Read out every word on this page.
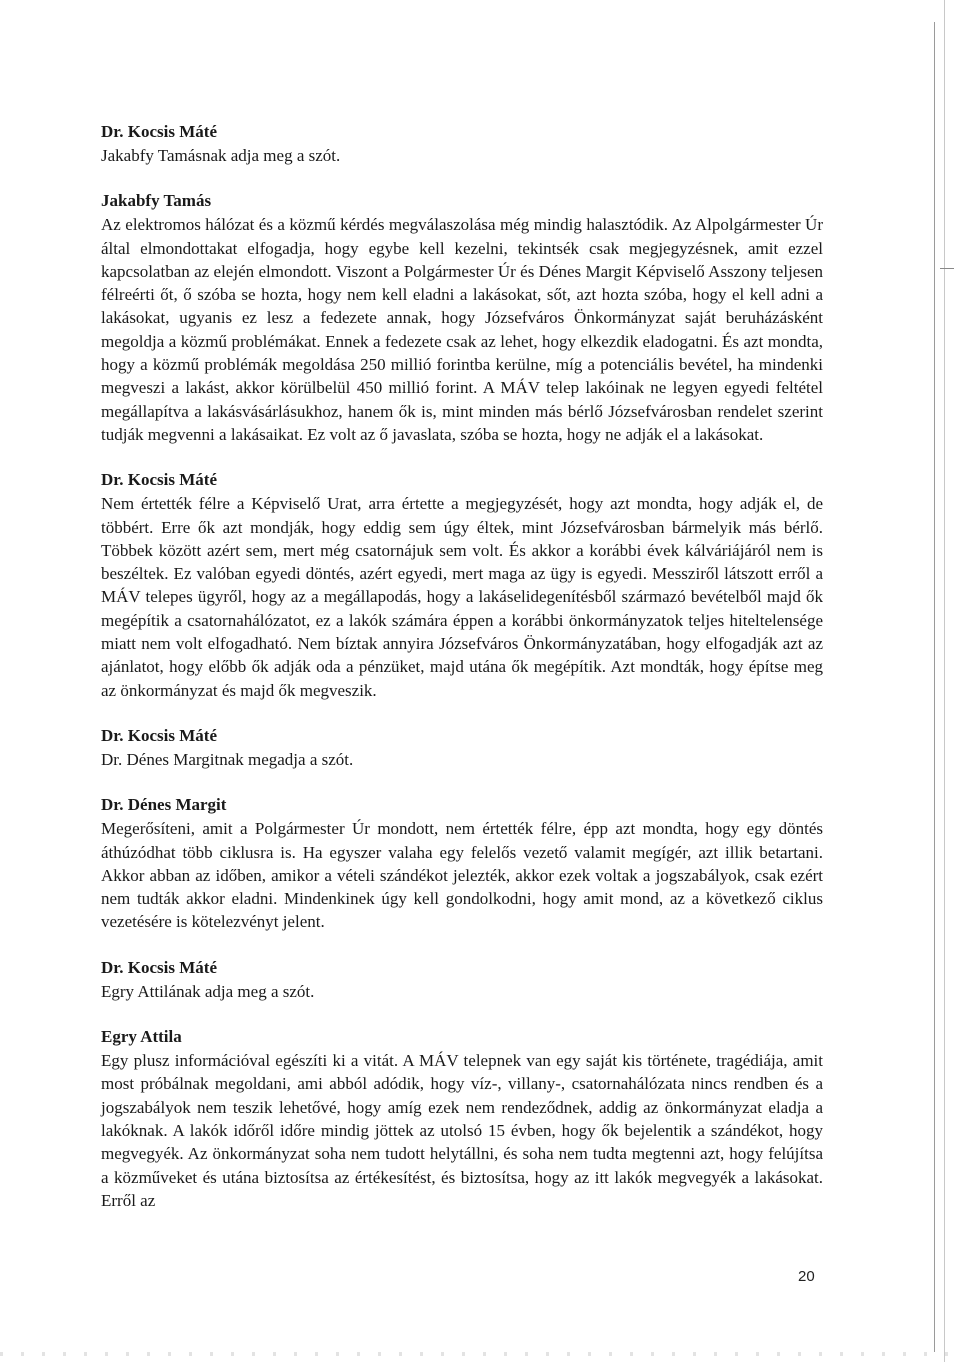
Dr. Kocsis Máté
Jakabfy Tamásnak adja meg a szót.
Jakabfy Tamás
Az elektromos hálózat és a közmű kérdés megválaszolása még mindig halasztódik. Az Alpolgármester Úr által elmondottakat elfogadja, hogy egybe kell kezelni, tekintsék csak megjegyzésnek, amit ezzel kapcsolatban az elején elmondott. Viszont a Polgármester Úr és Dénes Margit Képviselő Asszony teljesen félreérti őt, ő szóba se hozta, hogy nem kell eladni a lakásokat, sőt, azt hozta szóba, hogy el kell adni a lakásokat, ugyanis ez lesz a fedezete annak, hogy Józsefváros Önkormányzat saját beruházásként megoldja a közmű problémákat. Ennek a fedezete csak az lehet, hogy elkezdik eladogatni. És azt mondta, hogy a közmű problémák megoldása 250 millió forintba kerülne, míg a potenciális bevétel, ha mindenki megveszi a lakást, akkor körülbelül 450 millió forint. A MÁV telep lakóinak ne legyen egyedi feltétel megállapítva a lakásvásárlásukhoz, hanem ők is, mint minden más bérlő Józsefvárosban rendelet szerint tudják megvenni a lakásaikat. Ez volt az ő javaslata, szóba se hozta, hogy ne adják el a lakásokat.
Dr. Kocsis Máté
Nem értették félre a Képviselő Urat, arra értette a megjegyzését, hogy azt mondta, hogy adják el, de többért. Erre ők azt mondják, hogy eddig sem úgy éltek, mint Józsefvárosban bármelyik más bérlő. Többek között azért sem, mert még csatornájuk sem volt. És akkor a korábbi évek kálváriájáról nem is beszéltek. Ez valóban egyedi döntés, azért egyedi, mert maga az ügy is egyedi. Messziről látszott erről a MÁV telepes ügyről, hogy az a megállapodás, hogy a lakáselidegenítésből származó bevételből majd ők megépítik a csatornahálózatot, ez a lakók számára éppen a korábbi önkormányzatok teljes hiteltelensége miatt nem volt elfogadható. Nem bíztak annyira Józsefváros Önkormányzatában, hogy elfogadják azt az ajánlatot, hogy előbb ők adják oda a pénzüket, majd utána ők megépítik. Azt mondták, hogy építse meg az önkormányzat és majd ők megveszik.
Dr. Kocsis Máté
Dr. Dénes Margitnak megadja a szót.
Dr. Dénes Margit
Megerősíteni, amit a Polgármester Úr mondott, nem értették félre, épp azt mondta, hogy egy döntés áthúzódhat több ciklusra is. Ha egyszer valaha egy felelős vezető valamit megígér, azt illik betartani. Akkor abban az időben, amikor a vételi szándékot jelezték, akkor ezek voltak a jogszabályok, csak ezért nem tudták akkor eladni. Mindenkinek úgy kell gondolkodni, hogy amit mond, az a következő ciklus vezetésére is kötelezvényt jelent.
Dr. Kocsis Máté
Egry Attilának adja meg a szót.
Egry Attila
Egy plusz információval egészíti ki a vitát. A MÁV telepnek van egy saját kis története, tragédiája, amit most próbálnak megoldani, ami abból adódik, hogy víz-, villany-, csatornahálózata nincs rendben és a jogszabályok nem teszik lehetővé, hogy amíg ezek nem rendeződnek, addig az önkormányzat eladja a lakóknak. A lakók időről időre mindig jöttek az utolsó 15 évben, hogy ők bejelentik a szándékot, hogy megvegyék. Az önkormányzat soha nem tudott helytállni, és soha nem tudta megtenni azt, hogy felújítsa a közműveket és utána biztosítsa az értékesítést, és biztosítsa, hogy az itt lakók megvegyék a lakásokat. Erről az
20
